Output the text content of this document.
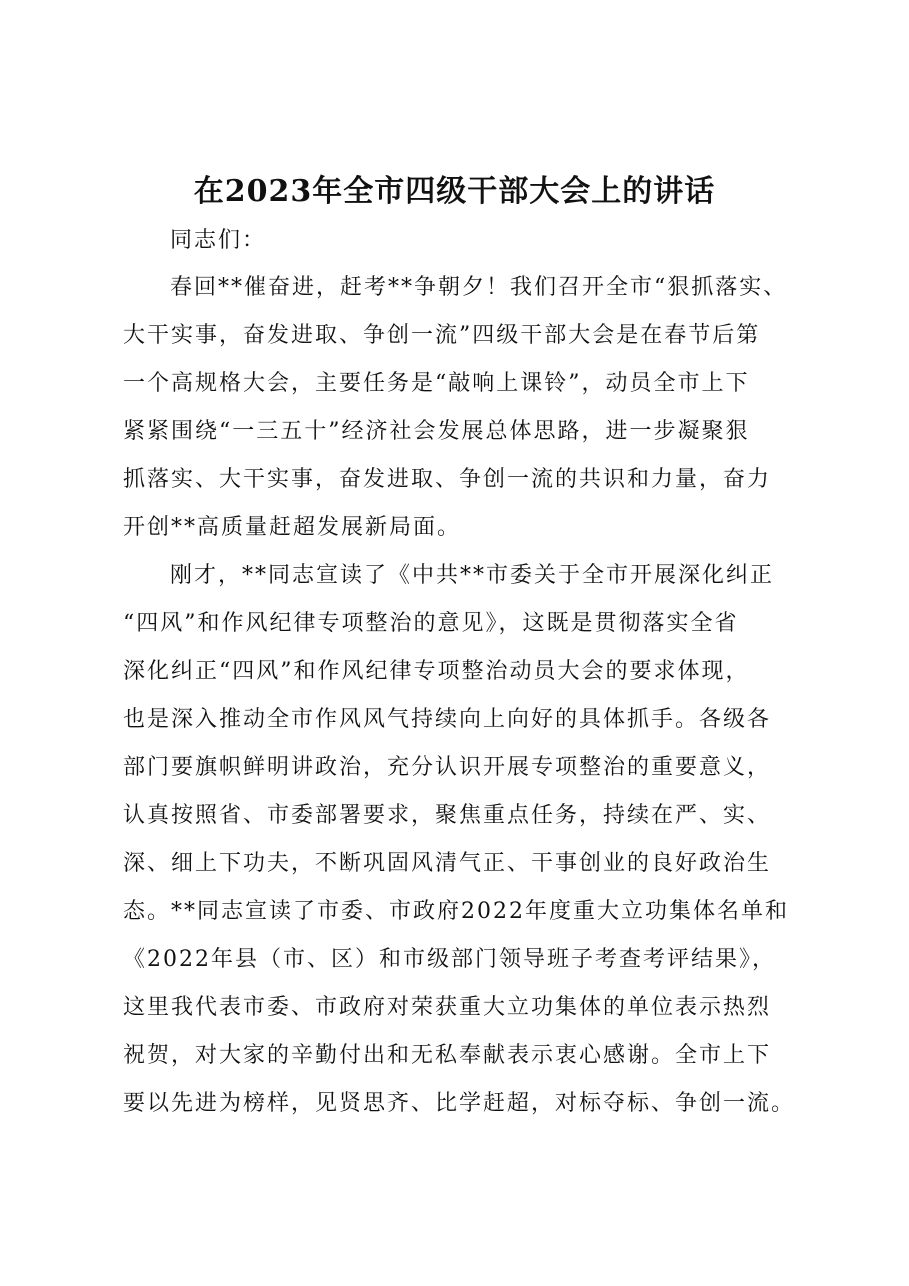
在2023年全市四级干部大会上的讲话
同志们：
春回**催奋进，赶考**争朝夕！我们召开全市“狠抓落实、
大干实事，奋发进取、争创一流”四级干部大会是在春节后第
一个高规格大会，主要任务是“敲响上课铃”，动员全市上下
紧紧围绕“一三五十”经济社会发展总体思路，进一步凝聚狠
抓落实、大干实事，奋发进取、争创一流的共识和力量，奋力
开创**高质量赶超发展新局面。
刚才，**同志宣读了《中共**市委关于全市开展深化纠正
“四风”和作风纪律专项整治的意见》，这既是贯彻落实全省
深化纠正“四风”和作风纪律专项整治动员大会的要求体现，
也是深入推动全市作风风气持续向上向好的具体抓手。各级各
部门要旗帜鲜明讲政治，充分认识开展专项整治的重要意义，
认真按照省、市委部署要求，聚焦重点任务，持续在严、实、
深、细上下功夫，不断巩固风清气正、干事创业的良好政治生
态。**同志宣读了市委、市政府2022年度重大立功集体名单和
《2022年县（市、区）和市级部门领导班子考查考评结果》，
这里我代表市委、市政府对荣获重大立功集体的单位表示热烈
祝贺，对大家的辛勤付出和无私奉献表示衷心感谢。全市上下
要以先进为榜样，见贤思齐、比学赶超，对标夺标、争创一流。
